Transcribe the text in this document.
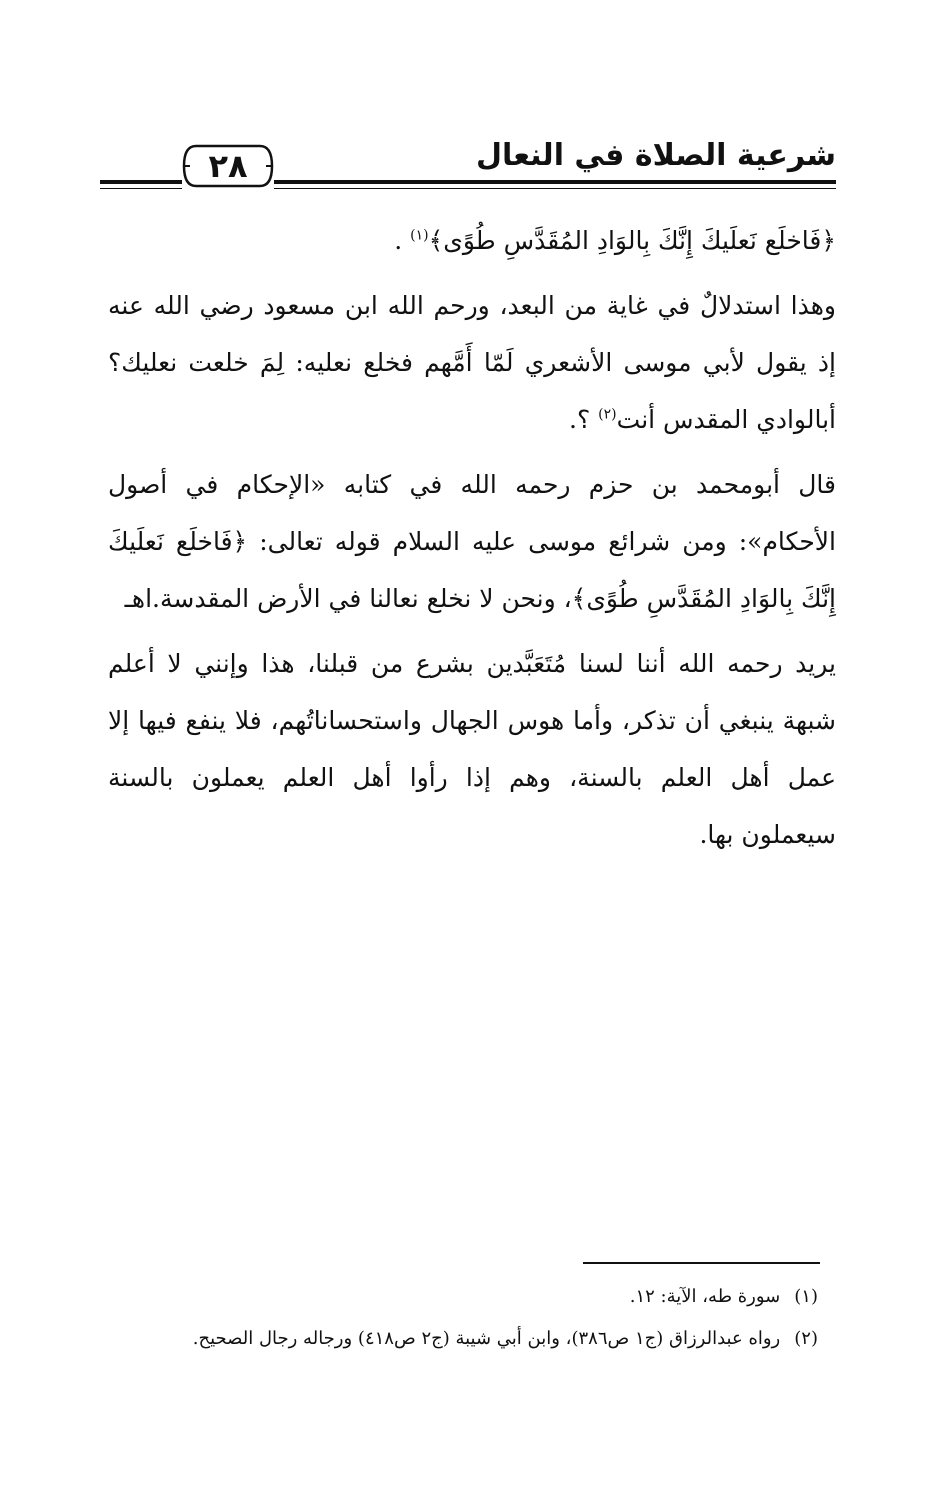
شرعية الصلاة في النعال
٢٨

﴿فَاخلَع نَعلَيكَ إِنَّكَ بِالوَادِ المُقَدَّسِ طُوًى﴾$^{(١)}$ .

وهذا استدلالٌ في غاية من البعد، ورحم الله ابن مسعود رضي الله عنه إذ يقول لأبي موسى الأشعري لَمّا أَمَّهم فخلع نعليه: لِمَ خلعت نعليك؟ أبالوادي المقدس أنت$^{(٢)}$ ؟.

قال أبومحمد بن حزم رحمه الله في كتابه «الإحكام في أصول الأحكام»: ومن شرائع موسى عليه السلام قوله تعالى: ﴿فَاخلَع نَعلَيكَ إِنَّكَ بِالوَادِ المُقَدَّسِ طُوًى﴾، ونحن لا نخلع نعالنا في الأرض المقدسة.اهـ

يريد رحمه الله أننا لسنا مُتَعَبَّدين بشرع من قبلنا، هذا وإنني لا أعلم شبهة ينبغي أن تذكر، وأما هوس الجهال واستحساناتُهم، فلا ينفع فيها إلا عمل أهل العلم بالسنة، وهم إذا رأوا أهل العلم يعملون بالسنة سيعملون بها.

(١)
سورة طه، الآية: ١٢.
(٢)
رواه عبدالرزاق (ج١ ص٣٨٦)، وابن أبي شيبة (ج٢ ص٤١٨) ورجاله رجال الصحيح.
